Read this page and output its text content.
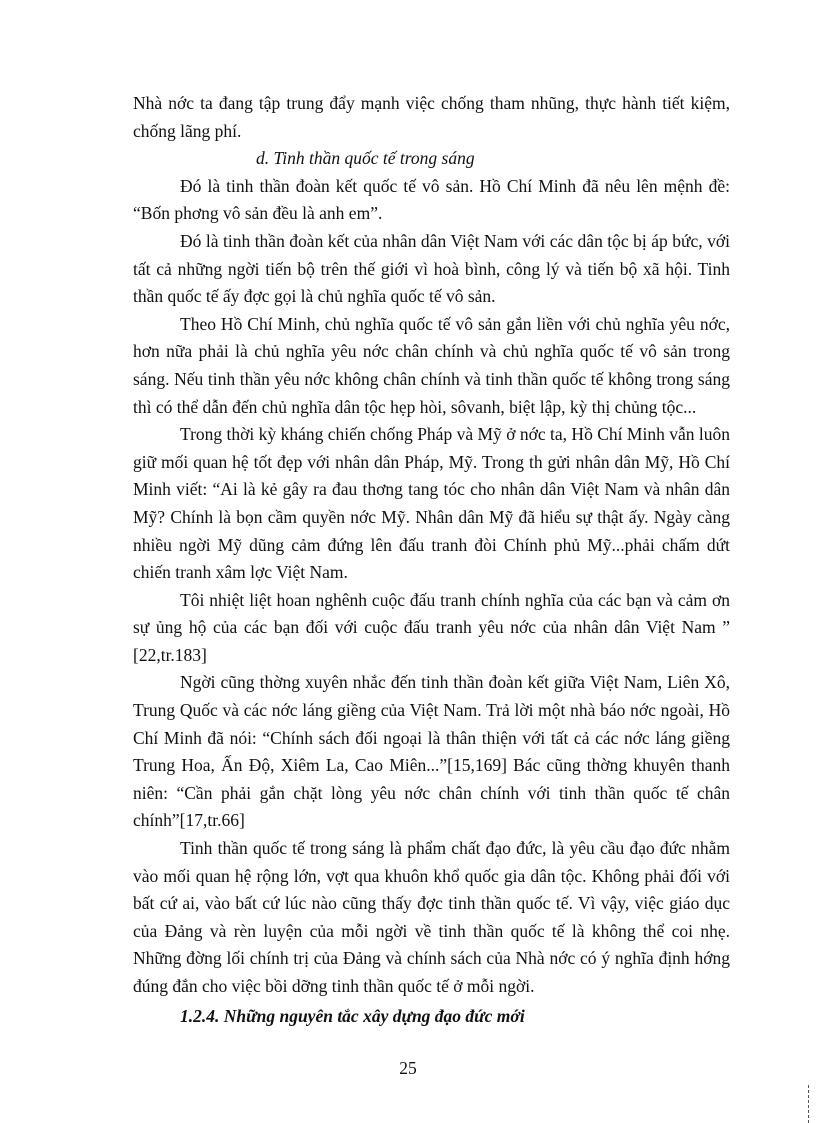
Nhà nớc ta đang tập trung đẩy mạnh việc chống tham nhũng, thực hành tiết kiệm, chống lãng phí.

d. Tinh thần quốc tế trong sáng

Đó là tinh thần đoàn kết quốc tế vô sản. Hồ Chí Minh đã nêu lên mệnh đề: “Bốn phơng vô sản đều là anh em”.

Đó là tinh thần đoàn kết của nhân dân Việt Nam với các dân tộc bị áp bức, với tất cả những ngời tiến bộ trên thế giới vì hoà bình, công lý và tiến bộ xã hội. Tinh thần quốc tế ấy đợc gọi là chủ nghĩa quốc tế vô sản.

Theo Hồ Chí Minh, chủ nghĩa quốc tế vô sản gắn liền với chủ nghĩa yêu nớc, hơn nữa phải là chủ nghĩa yêu nớc chân chính và chủ nghĩa quốc tế vô sản trong sáng. Nếu tinh thần yêu nớc không chân chính và tinh thần quốc tế không trong sáng thì có thể dẫn đến chủ nghĩa dân tộc hẹp hòi, sôvanh, biệt lập, kỳ thị chủng tộc...

Trong thời kỳ kháng chiến chống Pháp và Mỹ ở nớc ta, Hồ Chí Minh vẫn luôn giữ mối quan hệ tốt đẹp với nhân dân Pháp, Mỹ. Trong th gửi nhân dân Mỹ, Hồ Chí Minh viết: “Ai là kẻ gây ra đau thơng tang tóc cho nhân dân Việt Nam và nhân dân Mỹ? Chính là bọn cầm quyền nớc Mỹ. Nhân dân Mỹ đã hiểu sự thật ấy. Ngày càng nhiều ngời Mỹ dũng cảm đứng lên đấu tranh đòi Chính phủ Mỹ...phải chấm dứt chiến tranh xâm lợc Việt Nam.

Tôi nhiệt liệt hoan nghênh cuộc đấu tranh chính nghĩa của các bạn và cảm ơn sự ủng hộ của các bạn đối với cuộc đấu tranh yêu nớc của nhân dân Việt Nam ” [22,tr.183]

Ngời cũng thờng xuyên nhắc đến tinh thần đoàn kết giữa Việt Nam, Liên Xô, Trung Quốc và các nớc láng giềng của Việt Nam. Trả lời một nhà báo nớc ngoài, Hồ Chí Minh đã nói: “Chính sách đối ngoại là thân thiện với tất cả các nớc láng giềng Trung Hoa, Ấn Độ, Xiêm La, Cao Miên...”[15,169] Bác cũng thờng khuyên thanh niên: “Cần phải gắn chặt lòng yêu nớc chân chính với tinh thần quốc tế chân chính”[17,tr.66]

Tinh thần quốc tế trong sáng là phẩm chất đạo đức, là yêu cầu đạo đức nhằm vào mối quan hệ rộng lớn, vợt qua khuôn khổ quốc gia dân tộc. Không phải đối với bất cứ ai, vào bất cứ lúc nào cũng thấy đợc tinh thần quốc tế. Vì vậy, việc giáo dục của Đảng và rèn luyện của mỗi ngời về tinh thần quốc tế là không thể coi nhẹ. Những đờng lối chính trị của Đảng và chính sách của Nhà nớc có ý nghĩa định hớng đúng đắn cho việc bồi dỡng tinh thần quốc tế ở mỗi ngời.

1.2.4. Những nguyên tắc xây dựng đạo đức mới

25
